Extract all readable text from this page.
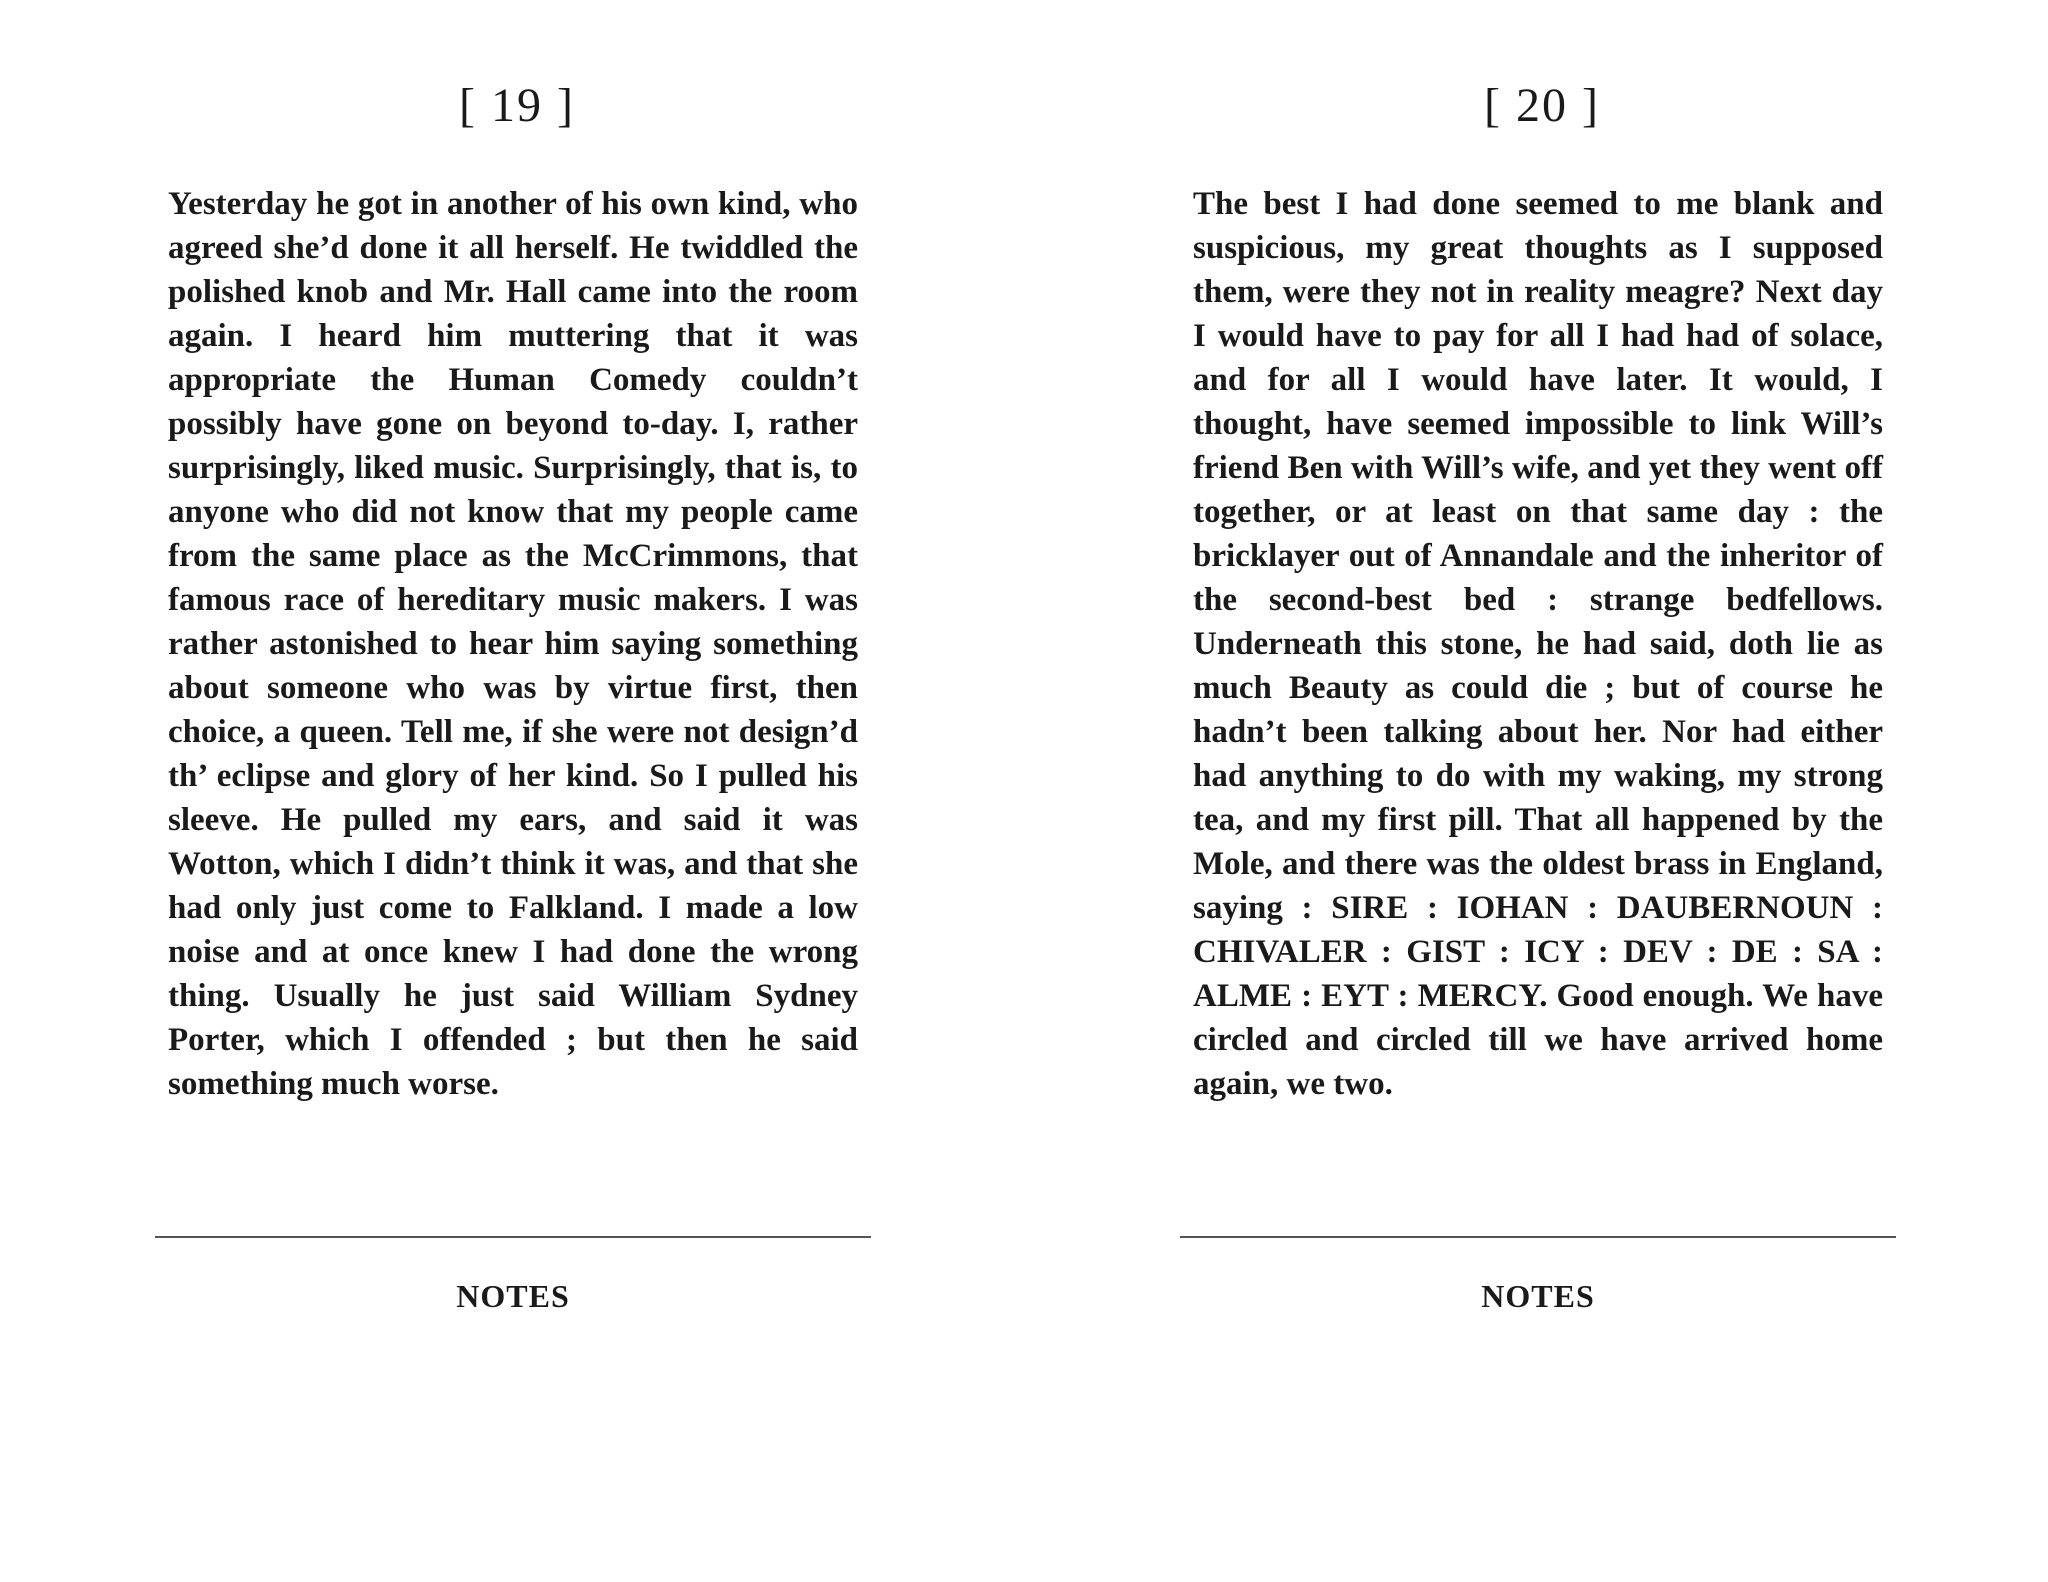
[ 19 ]

Yesterday he got in another of his own kind, who agreed she’d done it all herself. He twiddled the polished knob and Mr. Hall came into the room again. I heard him muttering that it was appropriate the Human Comedy couldn’t possibly have gone on beyond to-day. I, rather surprisingly, liked music. Surprisingly, that is, to anyone who did not know that my people came from the same place as the McCrimmons, that famous race of hereditary music makers. I was rather astonished to hear him saying something about someone who was by virtue first, then choice, a queen. Tell me, if she were not design’d th’ eclipse and glory of her kind. So I pulled his sleeve. He pulled my ears, and said it was Wotton, which I didn’t think it was, and that she had only just come to Falkland. I made a low noise and at once knew I had done the wrong thing. Usually he just said William Sydney Porter, which I offended ; but then he said something much worse.

NOTES
[ 20 ]

The best I had done seemed to me blank and suspicious, my great thoughts as I supposed them, were they not in reality meagre? Next day I would have to pay for all I had had of solace, and for all I would have later. It would, I thought, have seemed impossible to link Will’s friend Ben with Will’s wife, and yet they went off together, or at least on that same day : the bricklayer out of Annandale and the inheritor of the second-best bed : strange bedfellows. Underneath this stone, he had said, doth lie as much Beauty as could die ; but of course he hadn’t been talking about her. Nor had either had anything to do with my waking, my strong tea, and my first pill. That all happened by the Mole, and there was the oldest brass in England, saying : SIRE : IOHAN : DAUBERNOUN : CHIVALER : GIST : ICY : DEV : DE : SA : ALME : EYT : MERCY. Good enough. We have circled and circled till we have arrived home again, we two.

NOTES
